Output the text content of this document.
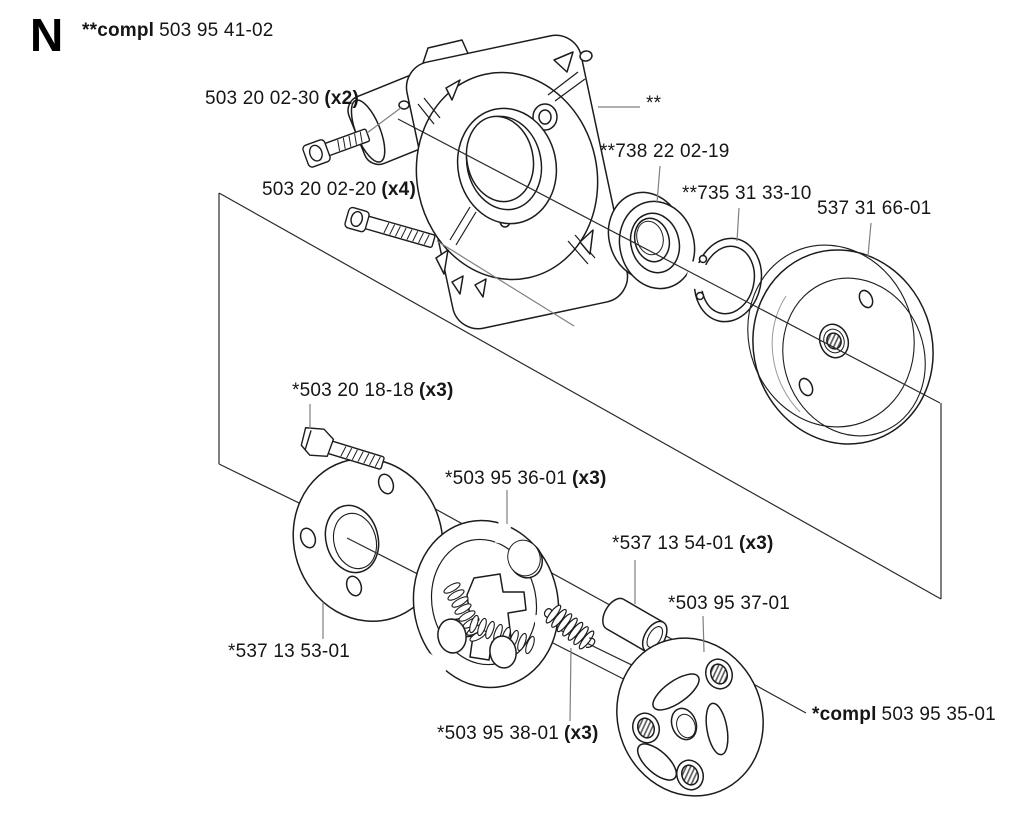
N **compl 503 95 41-02
503 20 02-30 (x2)
503 20 02-20 (x4)
**
**738 22 02-19
**735 31 33-10
537 31 66-01
*503 20 18-18 (x3)
*503 95 36-01 (x3)
*537 13 54-01 (x3)
*503 95 37-01
*537 13 53-01
*503 95 38-01 (x3)
*compl 503 95 35-01
